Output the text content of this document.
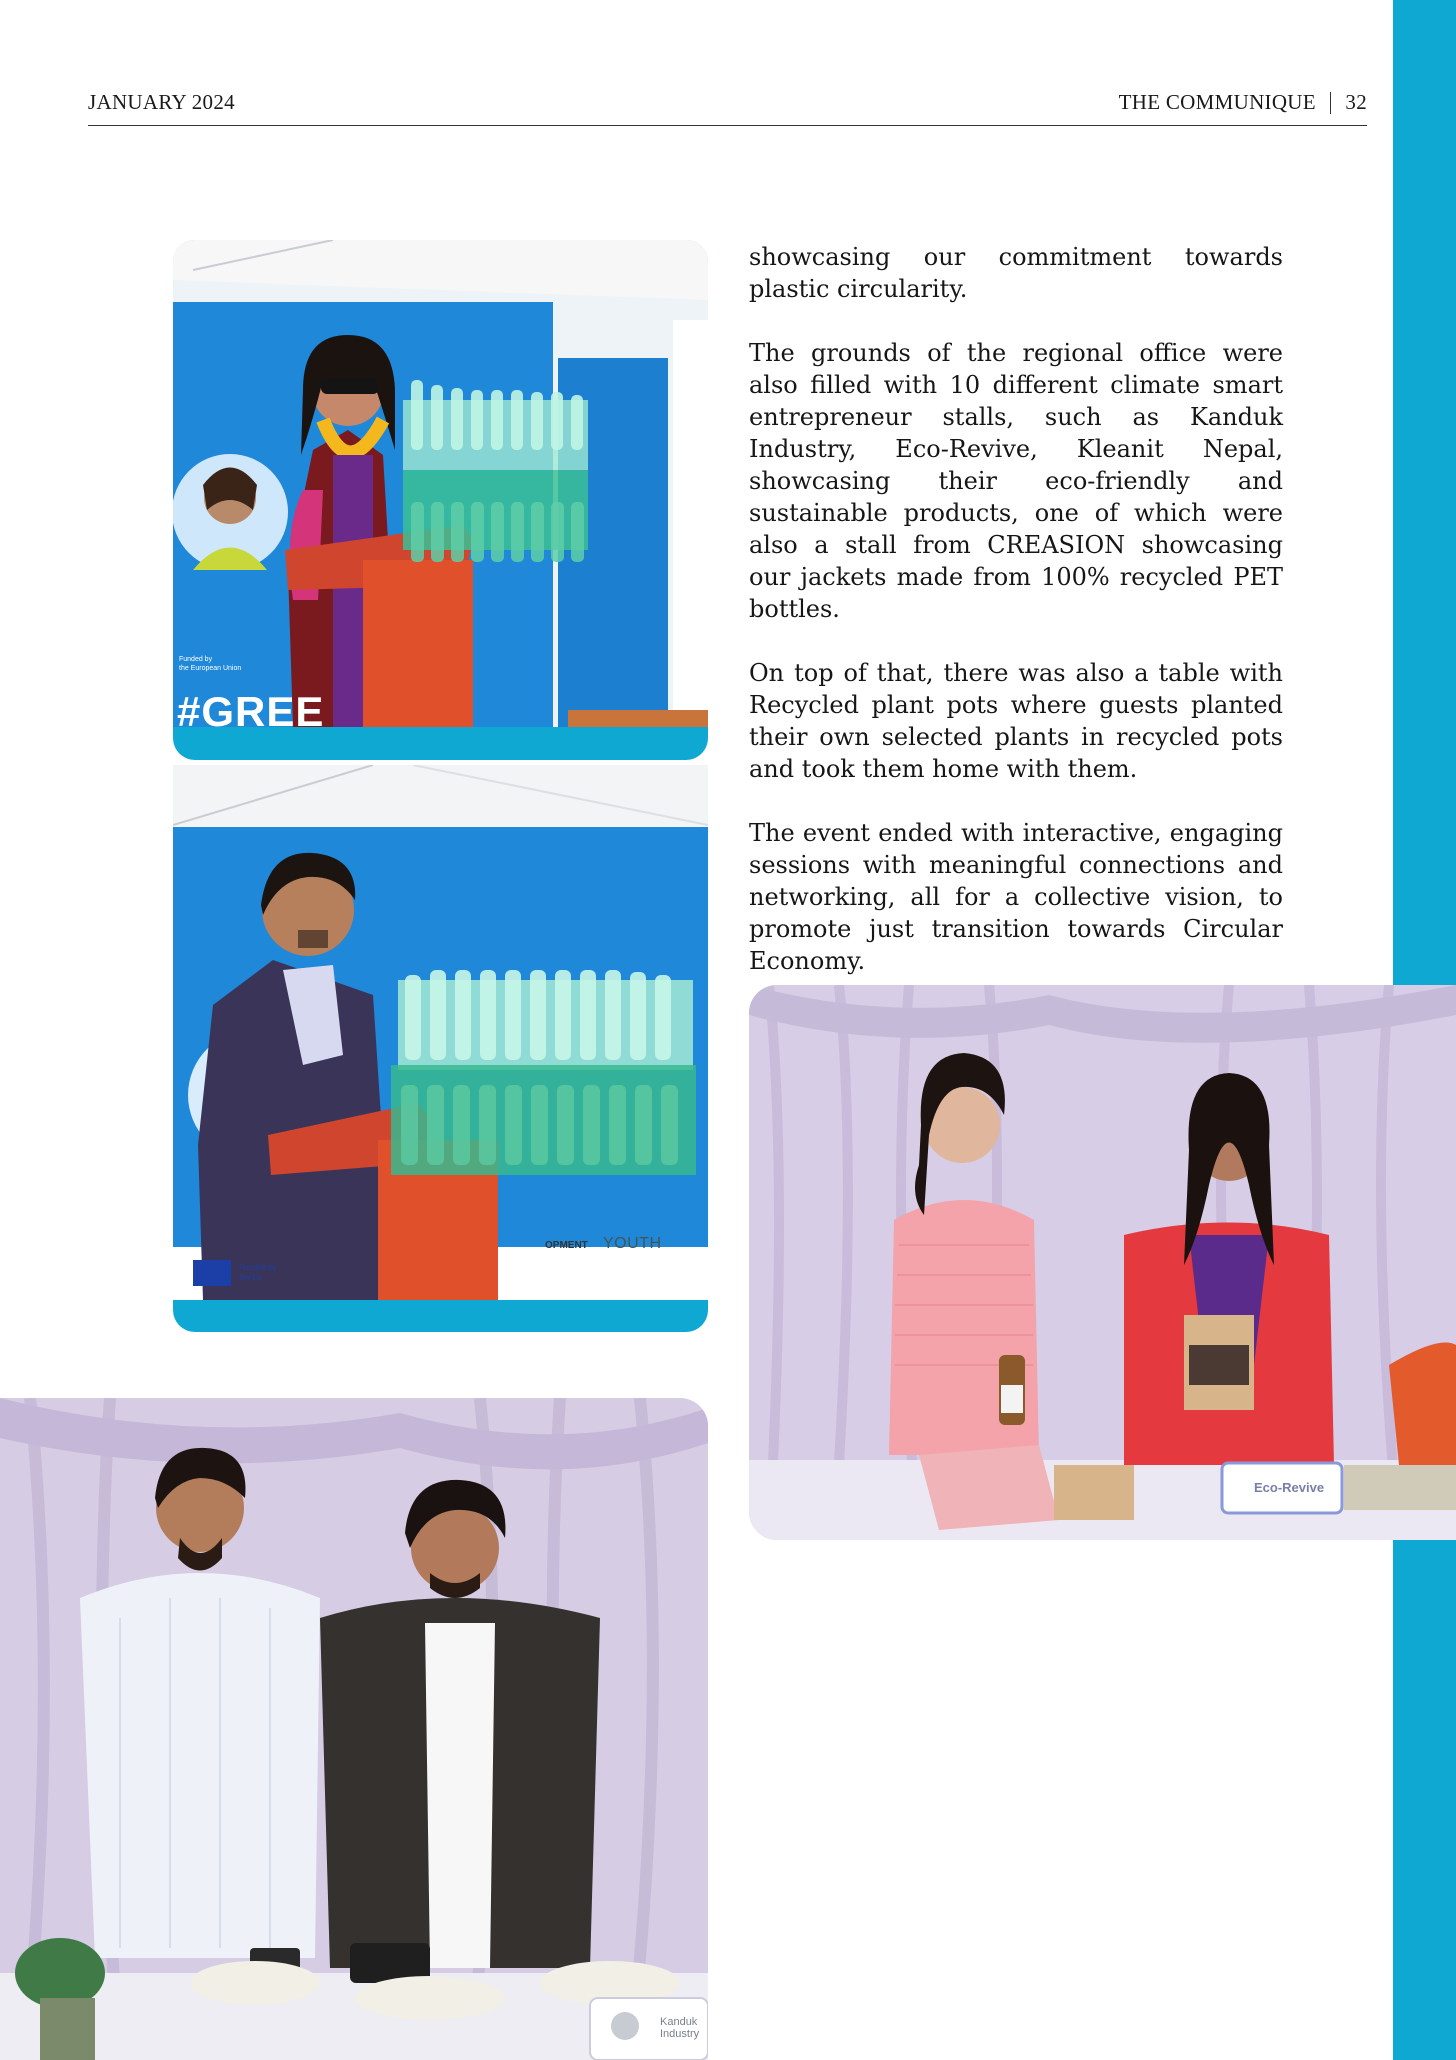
JANUARY 2024	THE COMMUNIQUE 32

showcasing our commitment towards plastic circularity.

The grounds of the regional office were also filled with 10 different climate smart entrepreneur stalls, such as Kanduk Industry, Eco-Revive, Kleanit Nepal, showcasing their eco-friendly and sustainable products, one of which were also a stall from CREASION showcasing our jackets made from 100% recycled PET bottles.

On top of that, there was also a table with Recycled plant pots where guests planted their own selected plants in recycled pots and took them home with them.

The event ended with interactive, engaging sessions with meaningful connections and networking, all for a collective vision, to promote just transition towards Circular Economy.

Funded by
the European Union
#GREE
Funded by
the Eu
OPMENT YOUTH
Eco-Revive
Kanduk
Industry
